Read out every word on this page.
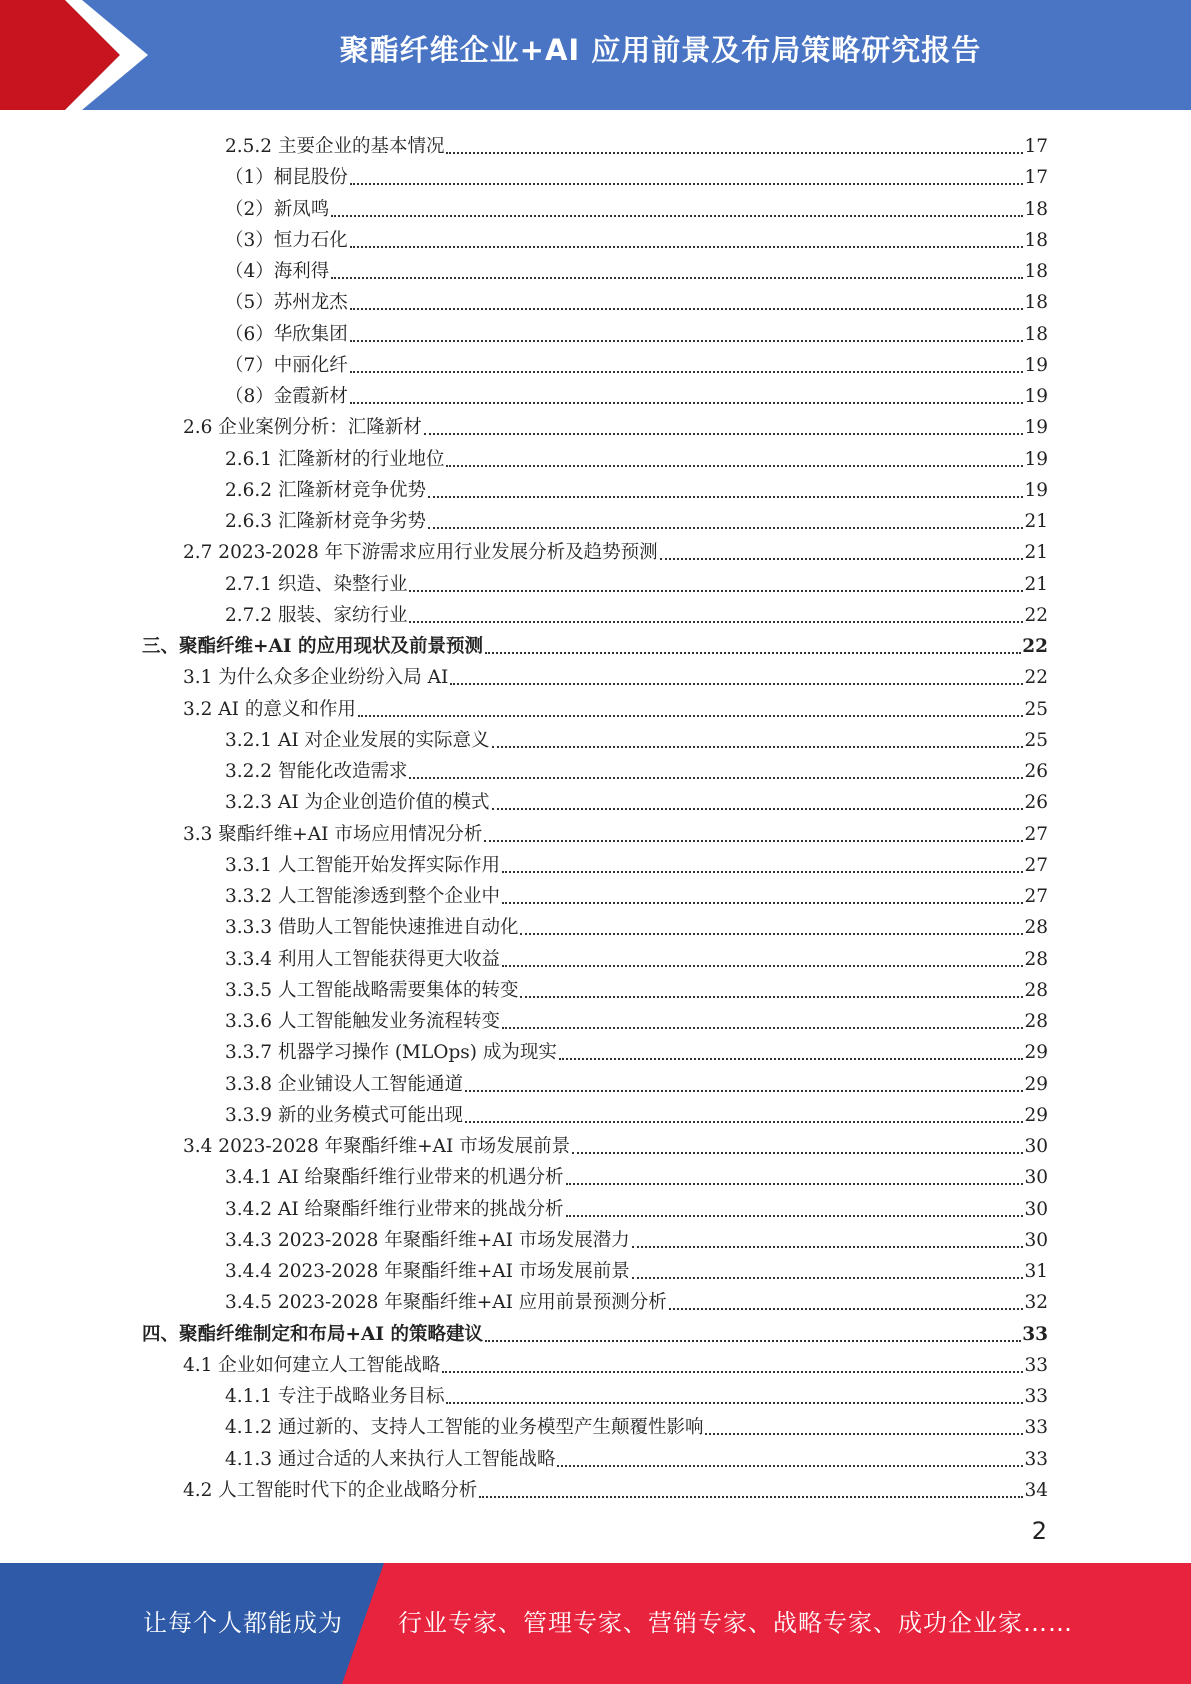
聚酯纤维企业+AI 应用前景及布局策略研究报告
2.5.2 主要企业的基本情况	17
（1）桐昆股份	17
（2）新凤鸣	18
（3）恒力石化	18
（4）海利得	18
（5）苏州龙杰	18
（6）华欣集团	18
（7）中丽化纤	19
（8）金霞新材	19
2.6 企业案例分析：汇隆新材	19
2.6.1 汇隆新材的行业地位	19
2.6.2 汇隆新材竞争优势	19
2.6.3 汇隆新材竞争劣势	21
2.7 2023-2028 年下游需求应用行业发展分析及趋势预测	21
2.7.1 织造、染整行业	21
2.7.2 服装、家纺行业	22
三、聚酯纤维+AI 的应用现状及前景预测	22
3.1 为什么众多企业纷纷入局 AI	22
3.2 AI 的意义和作用	25
3.2.1 AI 对企业发展的实际意义	25
3.2.2 智能化改造需求	26
3.2.3 AI 为企业创造价值的模式	26
3.3 聚酯纤维+AI 市场应用情况分析	27
3.3.1 人工智能开始发挥实际作用	27
3.3.2 人工智能渗透到整个企业中	27
3.3.3 借助人工智能快速推进自动化	28
3.3.4 利用人工智能获得更大收益	28
3.3.5 人工智能战略需要集体的转变	28
3.3.6 人工智能触发业务流程转变	28
3.3.7 机器学习操作 (MLOps) 成为现实	29
3.3.8 企业铺设人工智能通道	29
3.3.9 新的业务模式可能出现	29
3.4 2023-2028 年聚酯纤维+AI 市场发展前景	30
3.4.1 AI 给聚酯纤维行业带来的机遇分析	30
3.4.2 AI 给聚酯纤维行业带来的挑战分析	30
3.4.3 2023-2028 年聚酯纤维+AI 市场发展潜力	30
3.4.4 2023-2028 年聚酯纤维+AI 市场发展前景	31
3.4.5 2023-2028 年聚酯纤维+AI 应用前景预测分析	32
四、聚酯纤维制定和布局+AI 的策略建议	33
4.1 企业如何建立人工智能战略	33
4.1.1 专注于战略业务目标	33
4.1.2 通过新的、支持人工智能的业务模型产生颠覆性影响	33
4.1.3 通过合适的人来执行人工智能战略	33
4.2 人工智能时代下的企业战略分析	34
2
让每个人都能成为 行业专家、管理专家、营销专家、战略专家、成功企业家……
